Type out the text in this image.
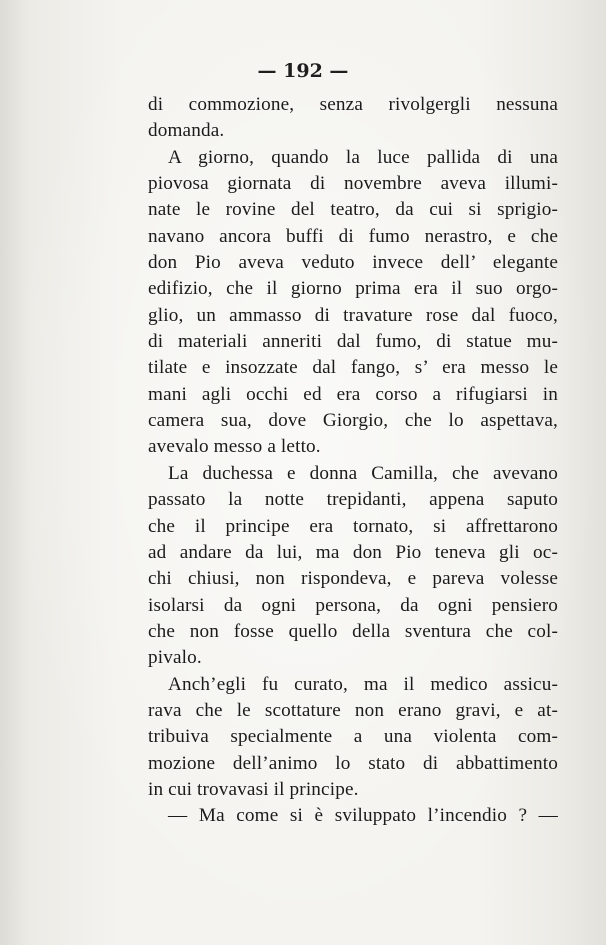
— 192 —

di commozione, senza rivolgergli nessuna
domanda.

A giorno, quando la luce pallida di una
piovosa giornata di novembre aveva illumi-
nate le rovine del teatro, da cui si sprigio-
navano ancora buffi di fumo nerastro, e che
don Pio aveva veduto invece dell’ elegante
edifizio, che il giorno prima era il suo orgo-
glio, un ammasso di travature rose dal fuoco,
di materiali anneriti dal fumo, di statue mu-
tilate e insozzate dal fango, s’ era messo le
mani agli occhi ed era corso a rifugiarsi in
camera sua, dove Giorgio, che lo aspettava,
avevalo messo a letto.

La duchessa e donna Camilla, che avevano
passato la notte trepidanti, appena saputo
che il principe era tornato, si affrettarono
ad andare da lui, ma don Pio teneva gli oc-
chi chiusi, non rispondeva, e pareva volesse
isolarsi da ogni persona, da ogni pensiero
che non fosse quello della sventura che col-
pivalo.

Anch’egli fu curato, ma il medico assicu-
rava che le scottature non erano gravi, e at-
tribuiva specialmente a una violenta com-
mozione dell’animo lo stato di abbattimento
in cui trovavasi il principe.

— Ma come si è sviluppato l’incendio ? —
